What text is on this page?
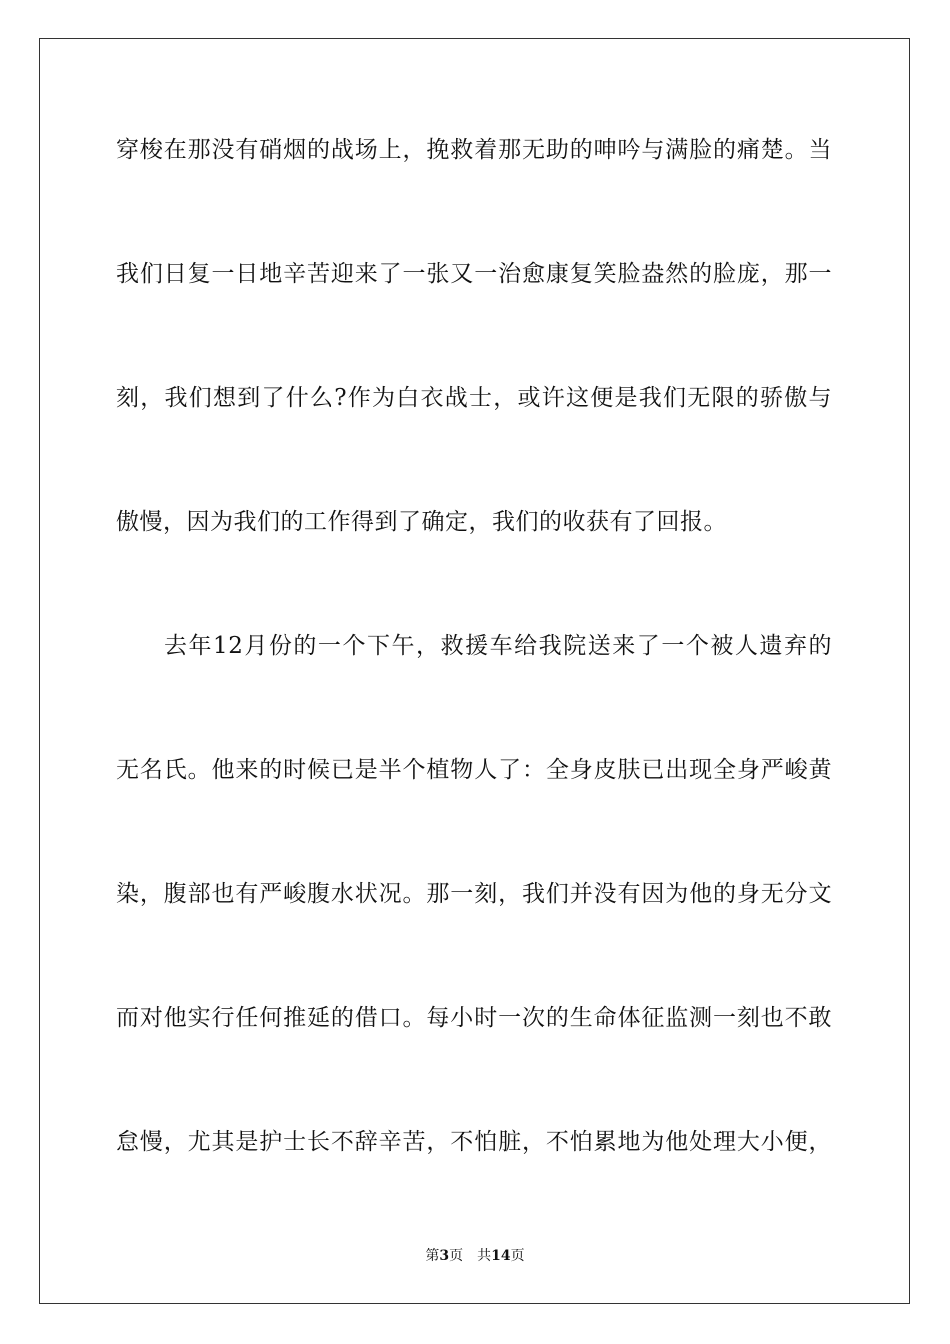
穿梭在那没有硝烟的战场上，挽救着那无助的呻吟与满脸的痛楚。当
我们日复一日地辛苦迎来了一张又一治愈康复笑脸盎然的脸庞，那一
刻，我们想到了什么?作为白衣战士，或许这便是我们无限的骄傲与
傲慢，因为我们的工作得到了确定，我们的收获有了回报。
去年12月份的一个下午，救援车给我院送来了一个被人遗弃的
无名氏。他来的时候已是半个植物人了：全身皮肤已出现全身严峻黄
染，腹部也有严峻腹水状况。那一刻，我们并没有因为他的身无分文
而对他实行任何推延的借口。每小时一次的生命体征监测一刻也不敢
怠慢，尤其是护士长不辞辛苦，不怕脏，不怕累地为他处理大小便，
第3页 共14页
